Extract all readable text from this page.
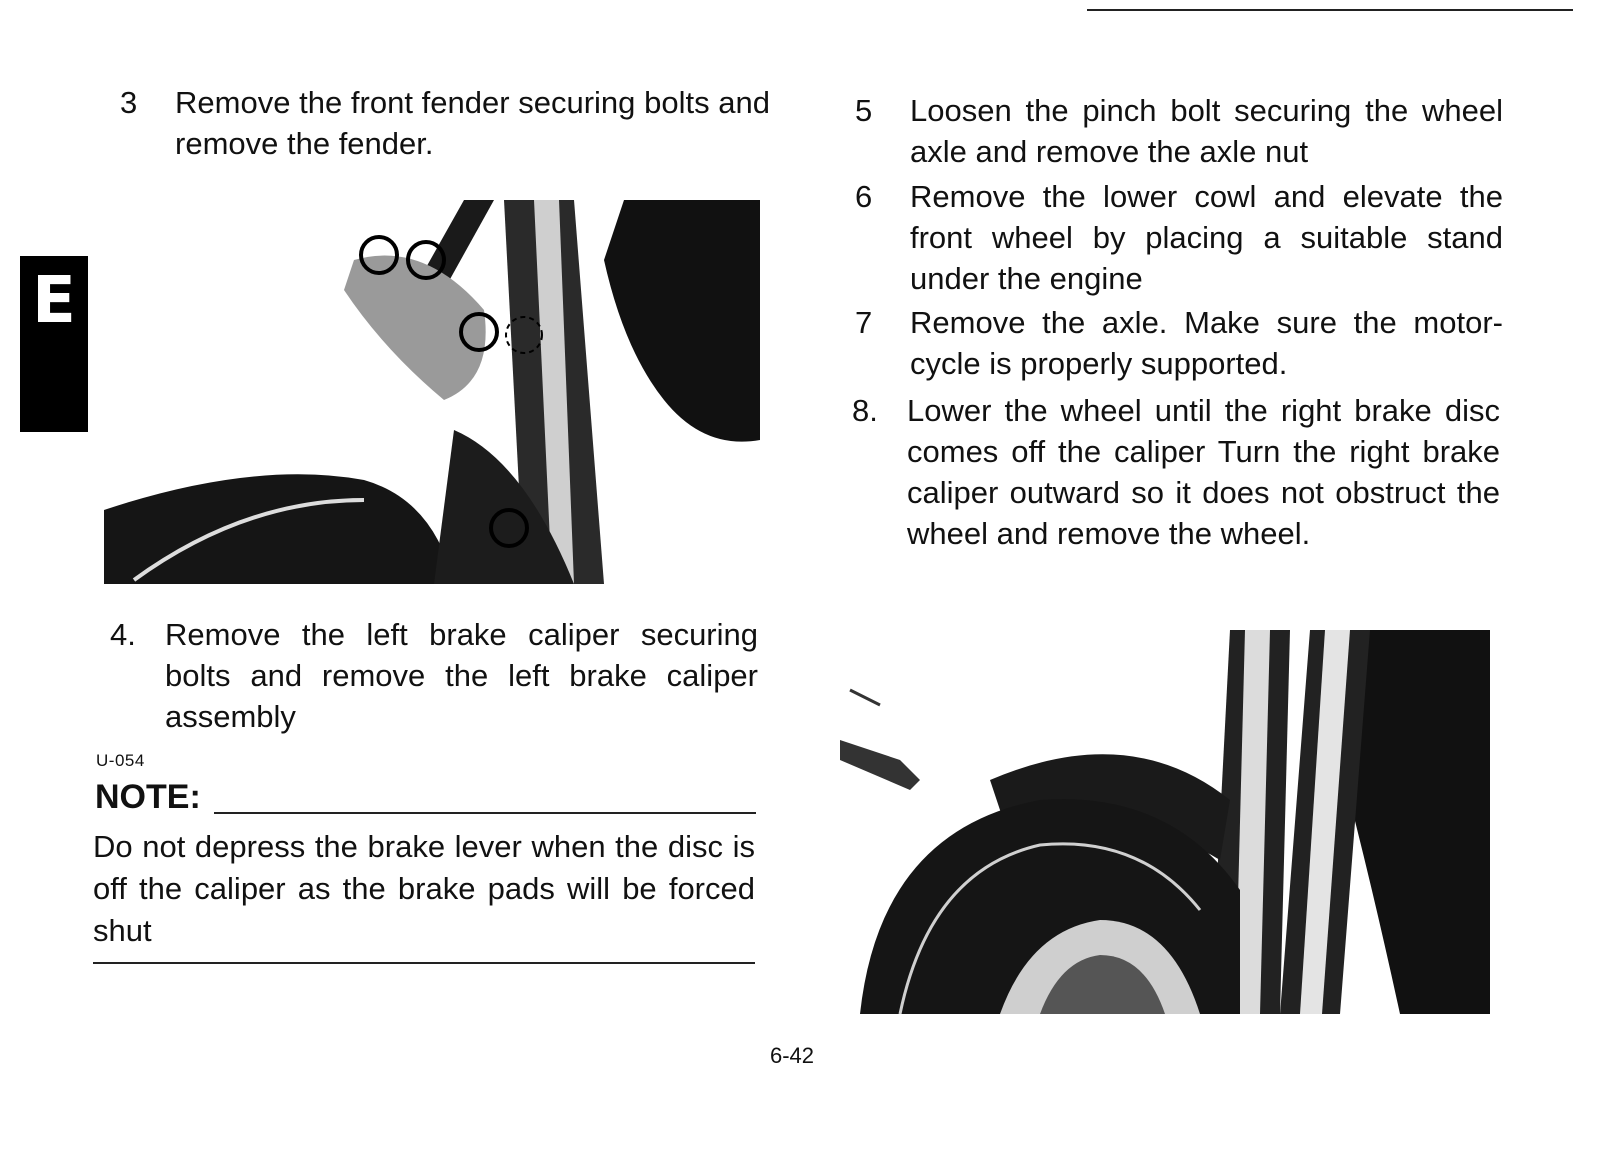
E
3 Remove the front fender securing bolts and remove the fender.
4. Remove the left brake caliper securing bolts and remove the left brake caliper assembly
U-054
NOTE:
Do not depress the brake lever when the disc is off the caliper as the brake pads will be forced shut
5 Loosen the pinch bolt securing the wheel axle and remove the axle nut
6 Remove the lower cowl and elevate the front wheel by placing a suitable stand under the engine
7 Remove the axle. Make sure the motor-cycle is properly supported.
8. Lower the wheel until the right brake disc comes off the caliper Turn the right brake caliper outward so it does not obstruct the wheel and remove the wheel.
6-42
